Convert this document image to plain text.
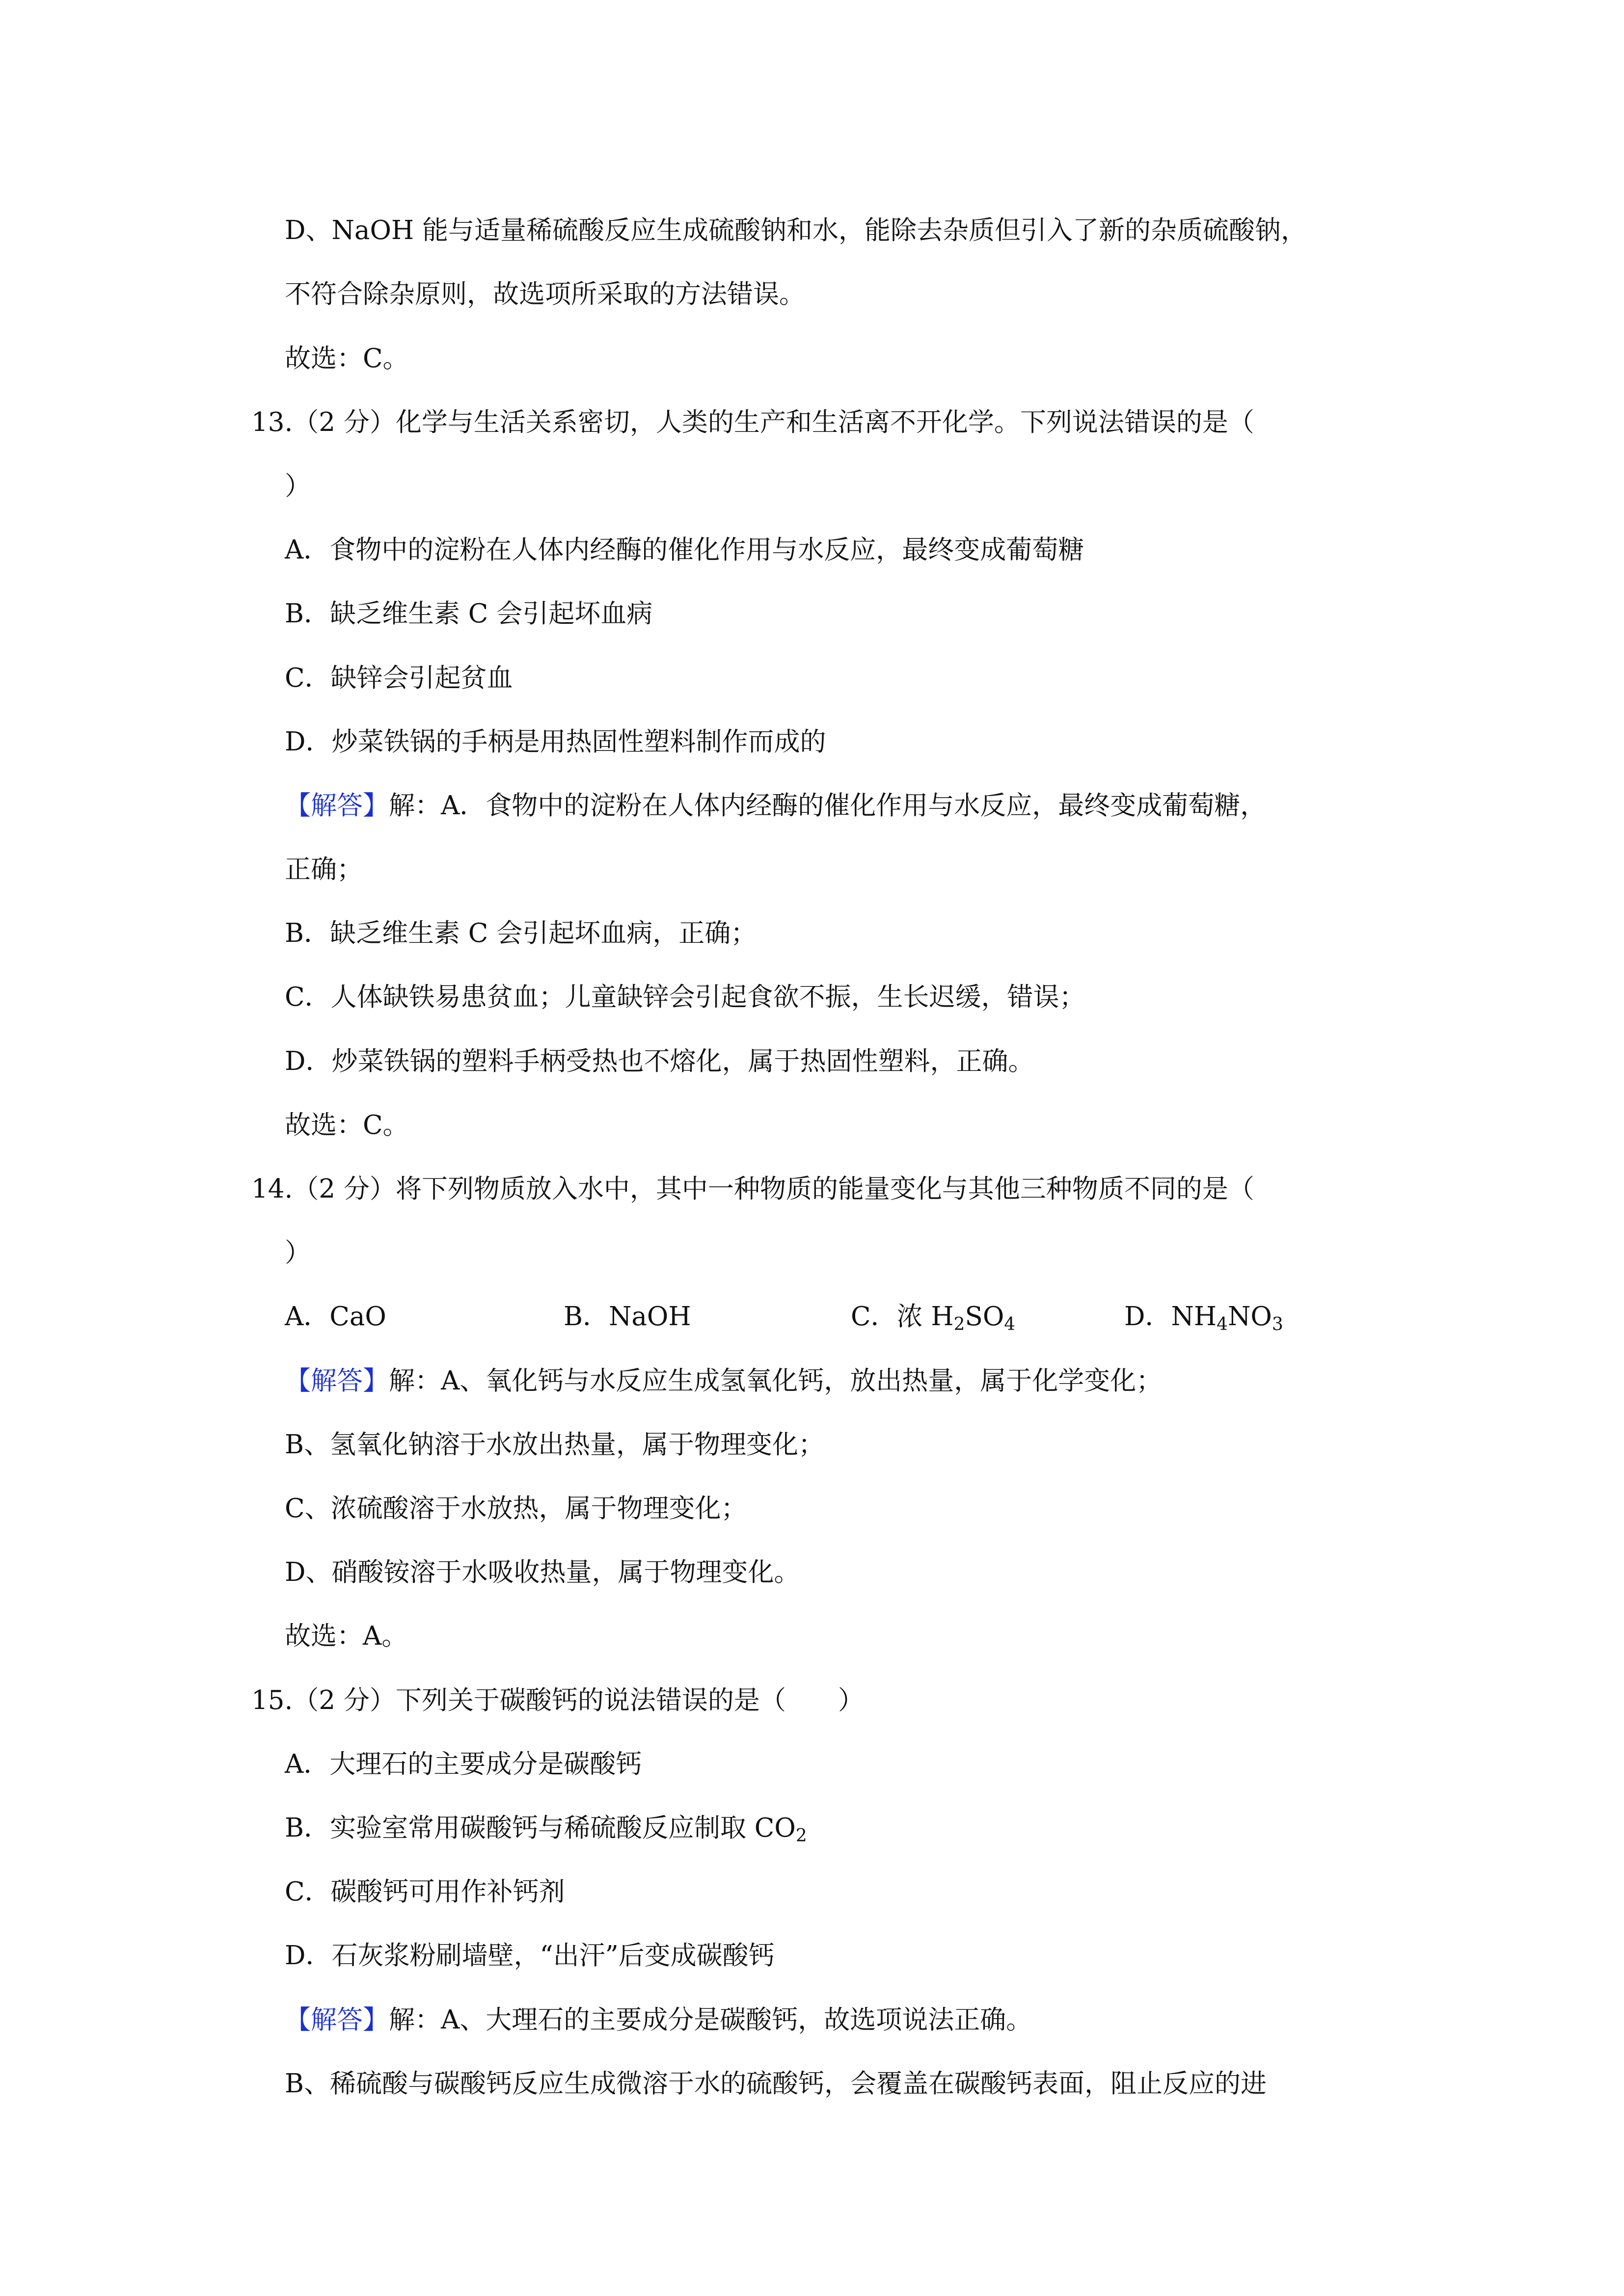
D、NaOH 能与适量稀硫酸反应生成硫酸钠和水，能除去杂质但引入了新的杂质硫酸钠，

不符合除杂原则，故选项所采取的方法错误。

故选：C。

13.（2 分）化学与生活关系密切，人类的生产和生活离不开化学。下列说法错误的是（

）

A．食物中的淀粉在人体内经酶的催化作用与水反应，最终变成葡萄糖

B．缺乏维生素 C 会引起坏血病

C．缺锌会引起贫血

D．炒菜铁锅的手柄是用热固性塑料制作而成的

【解答】解：A．食物中的淀粉在人体内经酶的催化作用与水反应，最终变成葡萄糖，

正确；

B．缺乏维生素 C 会引起坏血病，正确；

C．人体缺铁易患贫血；儿童缺锌会引起食欲不振，生长迟缓，错误；

D．炒菜铁锅的塑料手柄受热也不熔化，属于热固性塑料，正确。

故选：C。

14.（2 分）将下列物质放入水中，其中一种物质的能量变化与其他三种物质不同的是（

）

A．CaO	B．NaOH	C．浓 $H_2SO_4$	D．$NH_4NO_3$

【解答】解：A、氧化钙与水反应生成氢氧化钙，放出热量，属于化学变化；

B、氢氧化钠溶于水放出热量，属于物理变化；

C、浓硫酸溶于水放热，属于物理变化；

D、硝酸铵溶于水吸收热量，属于物理变化。

故选：A。

15.（2 分）下列关于碳酸钙的说法错误的是（　　）

A．大理石的主要成分是碳酸钙

B．实验室常用碳酸钙与稀硫酸反应制取 $CO_2$

C．碳酸钙可用作补钙剂

D．石灰浆粉刷墙壁，“出汗”后变成碳酸钙

【解答】解：A、大理石的主要成分是碳酸钙，故选项说法正确。

B、稀硫酸与碳酸钙反应生成微溶于水的硫酸钙，会覆盖在碳酸钙表面，阻止反应的进
